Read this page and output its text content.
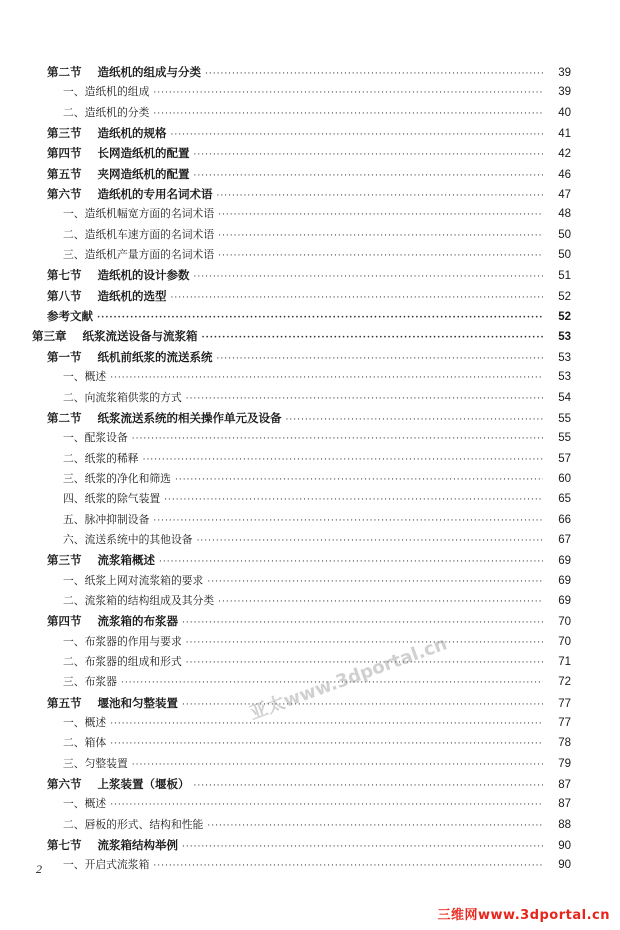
第二节    造纸机的组成与分类 ·····	39
一、造纸机的组成 ·····	39
二、造纸机的分类 ·····	40
第三节    造纸机的规格 ·····	41
第四节    长网造纸机的配置 ·····	42
第五节    夹网造纸机的配置 ·····	46
第六节    造纸机的专用名词术语 ·····	47
一、造纸机幅宽方面的名词术语 ·····	48
二、造纸机车速方面的名词术语 ·····	50
三、造纸机产量方面的名词术语 ·····	50
第七节    造纸机的设计参数 ·····	51
第八节    造纸机的选型 ·····	52
参考文献 ·····	52
第三章    纸浆流送设备与流浆箱 ·····	53
第一节    纸机前纸浆的流送系统 ·····	53
一、概述 ·····	53
二、向流浆箱供浆的方式 ·····	54
第二节    纸浆流送系统的相关操作单元及设备 ·····	55
一、配浆设备 ·····	55
二、纸浆的稀释 ·····	57
三、纸浆的净化和筛选 ·····	60
四、纸浆的除气装置 ·····	65
五、脉冲抑制设备 ·····	66
六、流送系统中的其他设备 ·····	67
第三节    流浆箱概述 ·····	69
一、纸浆上网对流浆箱的要求 ·····	69
二、流浆箱的结构组成及其分类 ·····	69
第四节    流浆箱的布浆器 ·····	70
一、布浆器的作用与要求 ·····	70
二、布浆器的组成和形式 ·····	71
三、布浆器 ·····	72
第五节    堰池和匀整装置 ·····	77
一、概述 ·····	77
二、箱体 ·····	78
三、匀整装置 ·····	79
第六节    上浆装置（堰板） ·····	87
一、概述 ·····	87
二、唇板的形式、结构和性能 ·····	88
第七节    流浆箱结构举例 ·····	90
一、开启式流浆箱 ·····	90
2
亚太www.3dportal.cn
三维网www.3dportal.cn
